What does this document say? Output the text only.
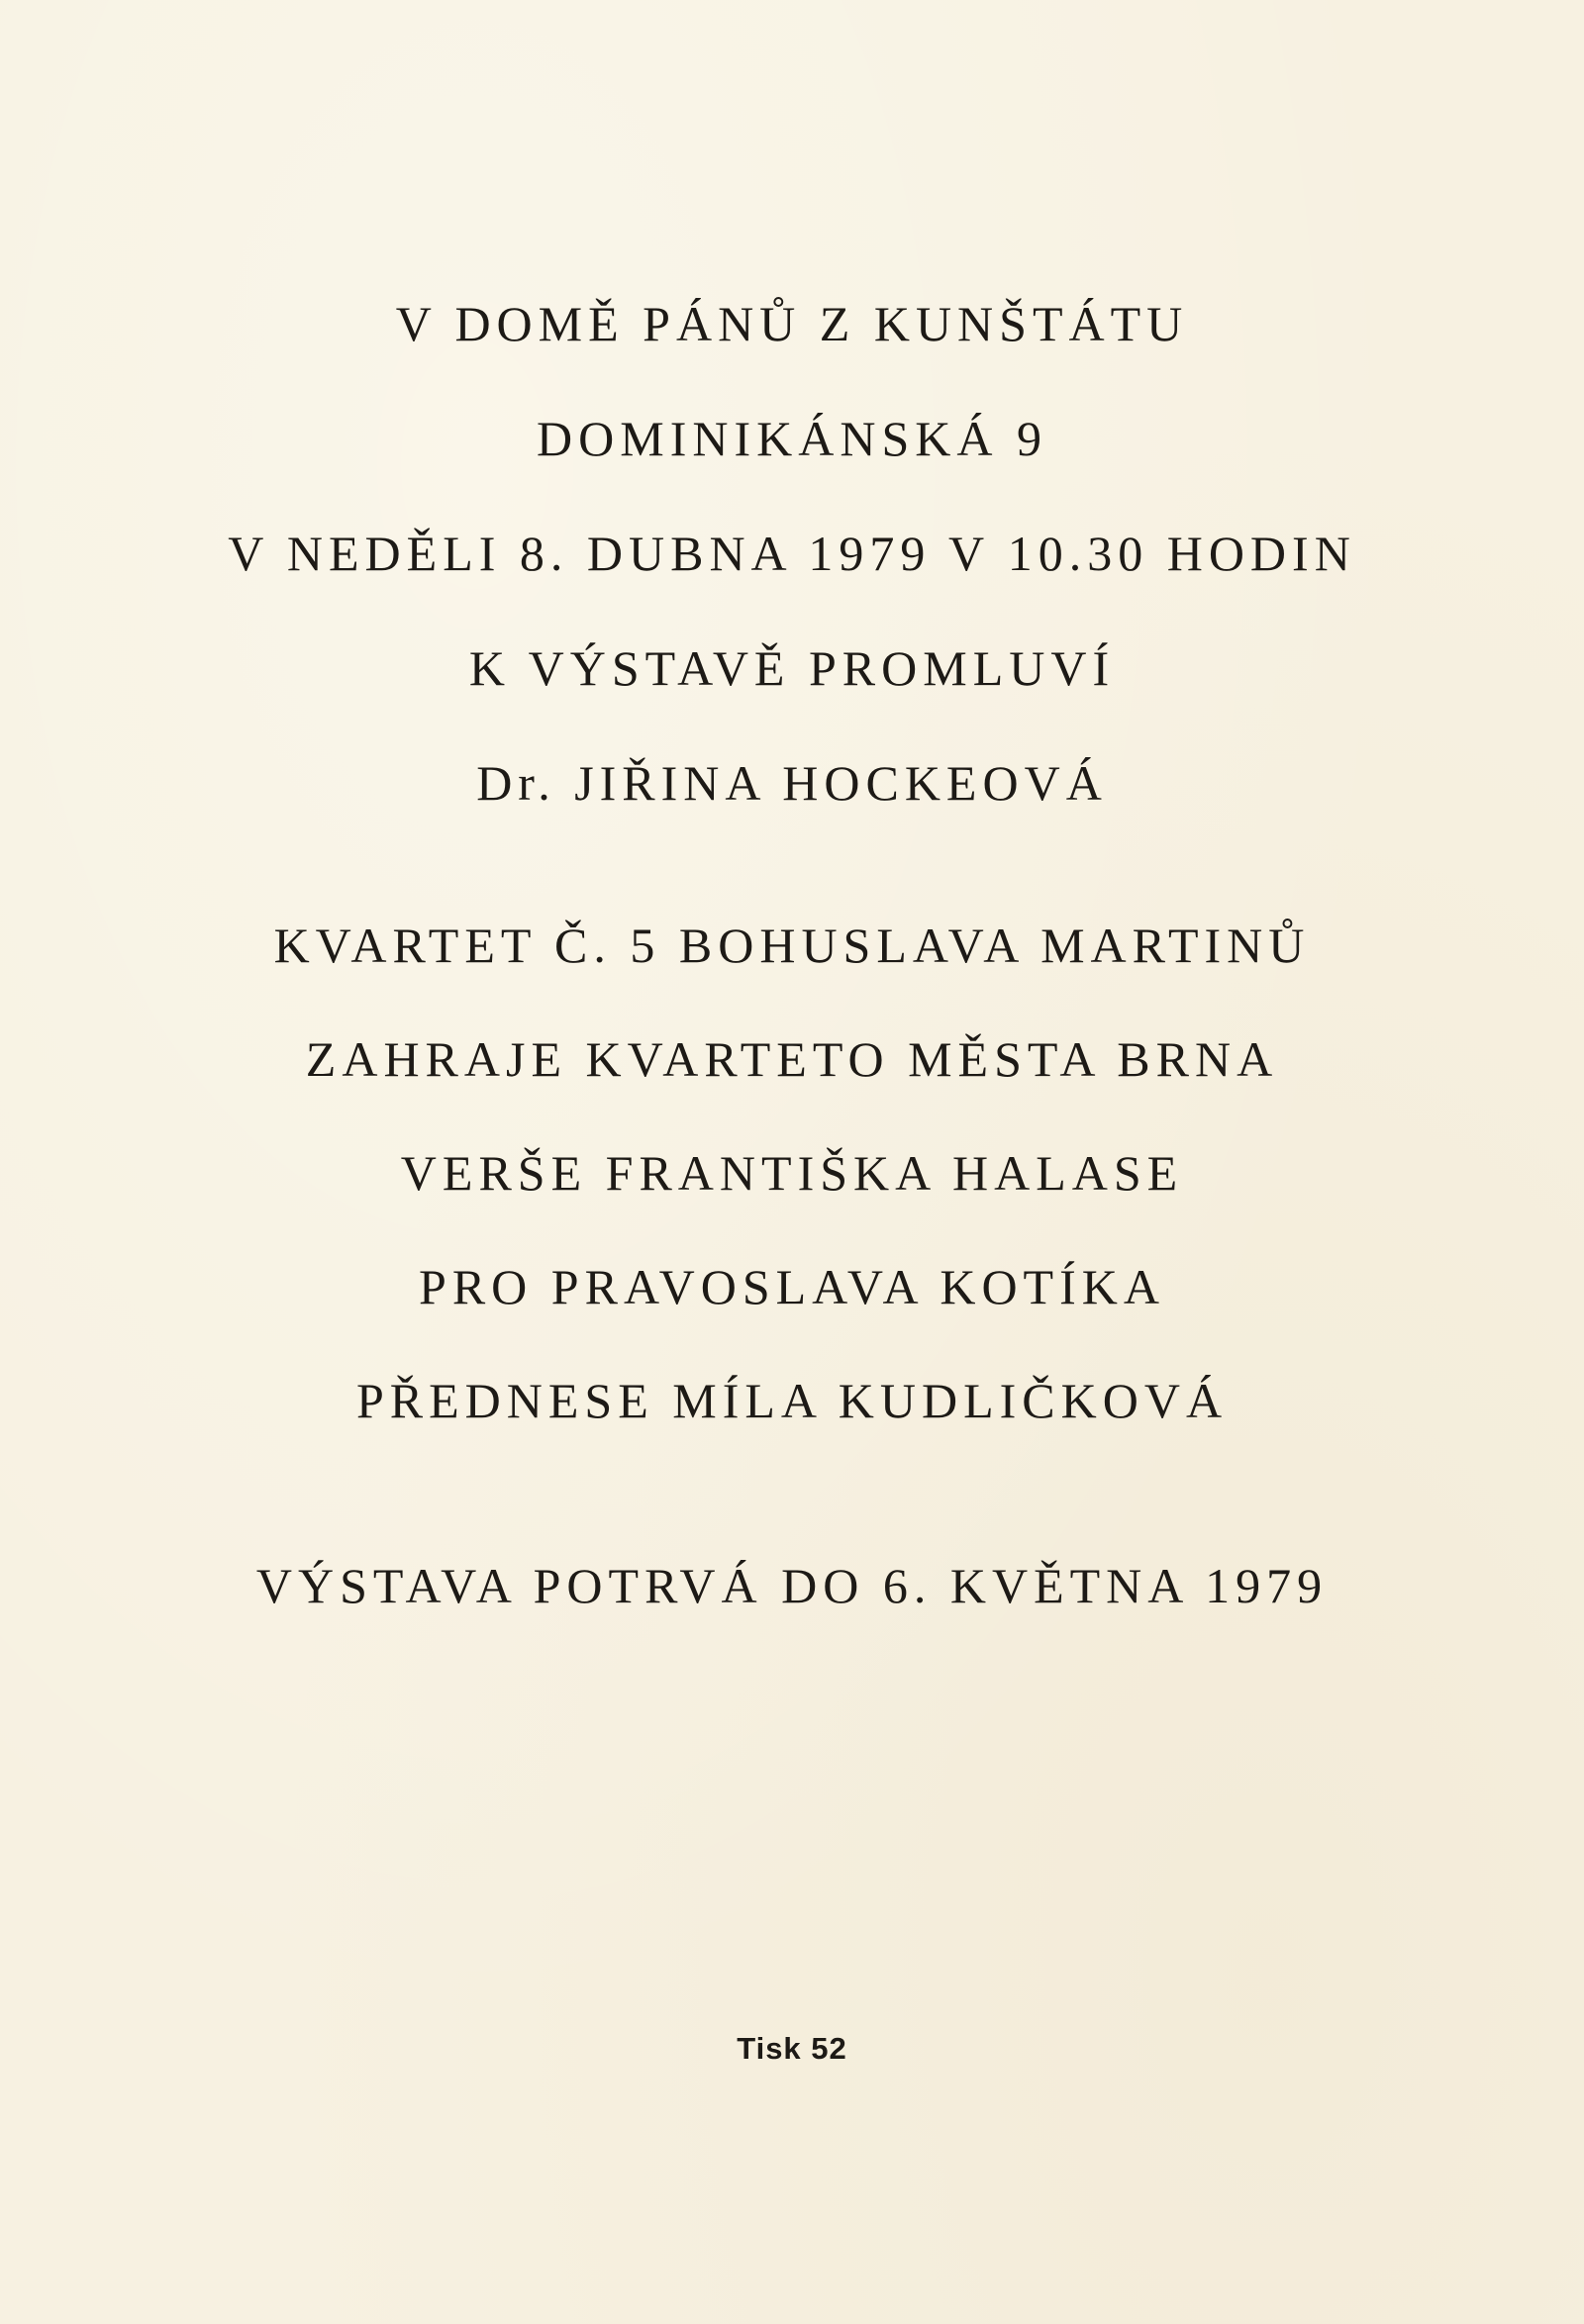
V DOMĚ PÁNŮ Z KUNŠTÁTU
DOMINIKÁNSKÁ 9
V NEDĚLI 8. DUBNA 1979 V 10.30 HODIN
K VÝSTAVĚ PROMLUVÍ
Dr. JIŘINA HOCKEOVÁ
KVARTET Č. 5 BOHUSLAVA MARTINŮ
ZAHRAJE KVARTETO MĚSTA BRNA
VERŠE FRANTIŠKA HALASE
PRO PRAVOSLAVA KOTÍKA
PŘEDNESE MÍLA KUDLIČKOVÁ
VÝSTAVA POTRVÁ DO 6. KVĚTNA 1979
Tisk 52
